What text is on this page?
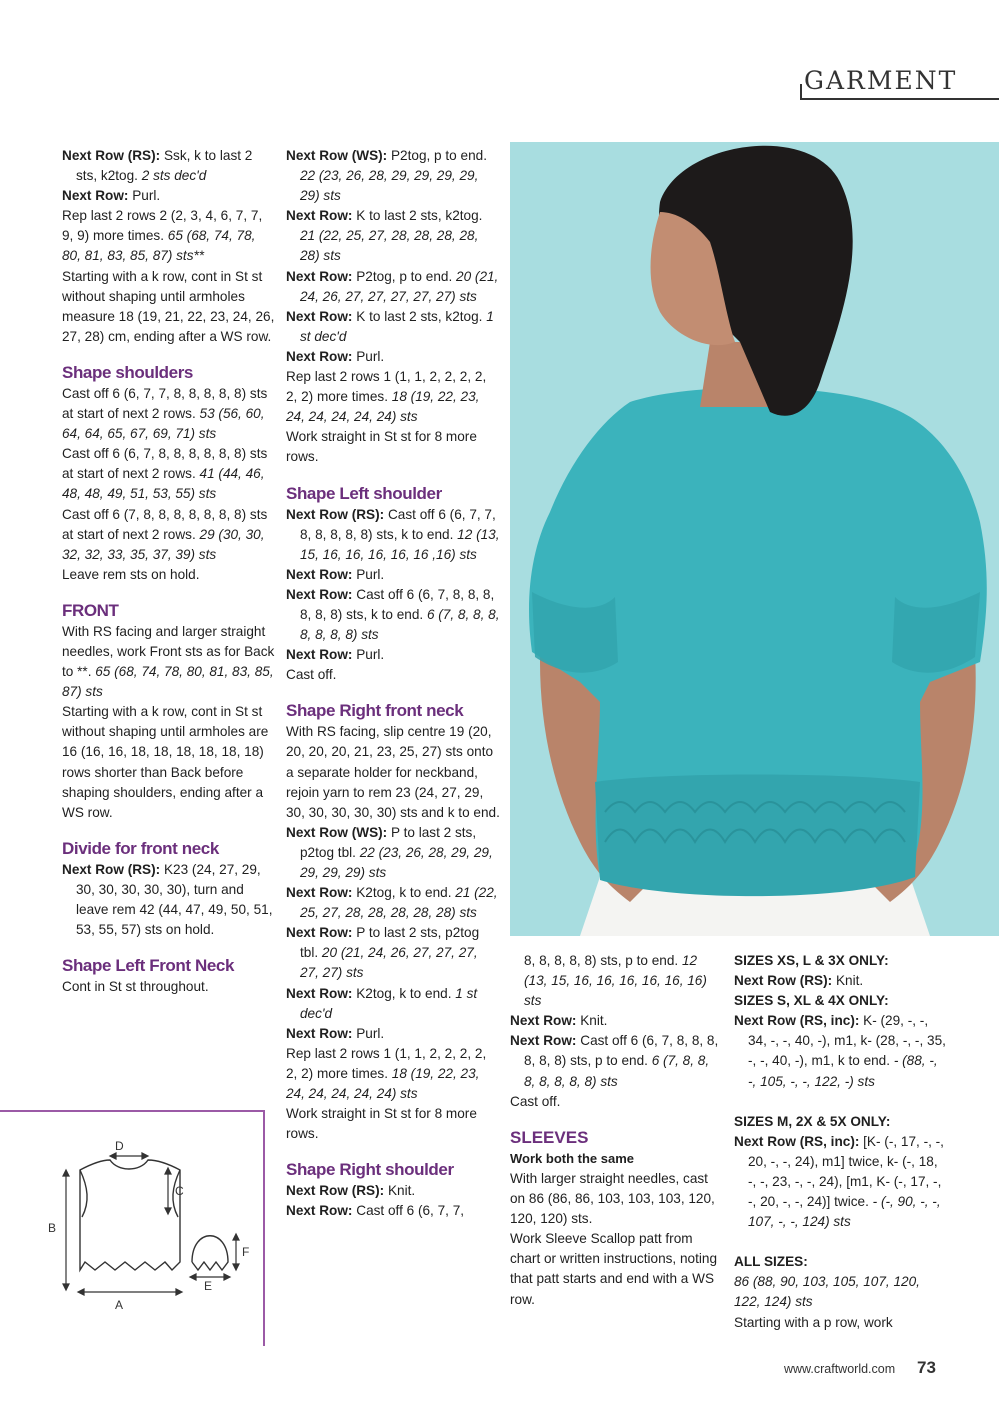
GARMENT

Next Row (RS): Ssk, k to last 2 sts, k2tog. 2 sts dec'd

Next Row: Purl.

Rep last 2 rows 2 (2, 3, 4, 6, 7, 7, 9, 9) more times. 65 (68, 74, 78, 80, 81, 83, 85, 87) sts**

Starting with a k row, cont in St st without shaping until armholes measure 18 (19, 21, 22, 23, 24, 26, 27, 28) cm, ending after a WS row.

Shape shoulders

Cast off 6 (6, 7, 7, 8, 8, 8, 8, 8) sts at start of next 2 rows. 53 (56, 60, 64, 64, 65, 67, 69, 71) sts

Cast off 6 (6, 7, 8, 8, 8, 8, 8, 8) sts at start of next 2 rows. 41 (44, 46, 48, 48, 49, 51, 53, 55) sts

Cast off 6 (7, 8, 8, 8, 8, 8, 8, 8) sts at start of next 2 rows. 29 (30, 30, 32, 32, 33, 35, 37, 39) sts

Leave rem sts on hold.

FRONT

With RS facing and larger straight needles, work Front sts as for Back to **. 65 (68, 74, 78, 80, 81, 83, 85, 87) sts

Starting with a k row, cont in St st without shaping until armholes are 16 (16, 16, 18, 18, 18, 18, 18, 18) rows shorter than Back before shaping shoulders, ending after a WS row.

Divide for front neck

Next Row (RS): K23 (24, 27, 29, 30, 30, 30, 30, 30), turn and leave rem 42 (44, 47, 49, 50, 51, 53, 55, 57) sts on hold.

Shape Left Front Neck

Cont in St st throughout.

Next Row (WS): P2tog, p to end. 22 (23, 26, 28, 29, 29, 29, 29, 29) sts

Next Row: K to last 2 sts, k2tog. 21 (22, 25, 27, 28, 28, 28, 28, 28) sts

Next Row: P2tog, p to end. 20 (21, 24, 26, 27, 27, 27, 27, 27) sts

Next Row: K to last 2 sts, k2tog. 1 st dec'd

Next Row: Purl.

Rep last 2 rows 1 (1, 1, 2, 2, 2, 2, 2, 2) more times. 18 (19, 22, 23, 24, 24, 24, 24, 24) sts

Work straight in St st for 8 more rows.

Shape Left shoulder

Next Row (RS): Cast off 6 (6, 7, 7, 8, 8, 8, 8, 8) sts, k to end. 12 (13, 15, 16, 16, 16, 16, 16 ,16) sts

Next Row: Purl.

Next Row: Cast off 6 (6, 7, 8, 8, 8, 8, 8, 8) sts, k to end. 6 (7, 8, 8, 8, 8, 8, 8, 8) sts

Next Row: Purl.

Cast off.

Shape Right front neck

With RS facing, slip centre 19 (20, 20, 20, 20, 21, 23, 25, 27) sts onto a separate holder for neckband, rejoin yarn to rem 23 (24, 27, 29, 30, 30, 30, 30, 30) sts and k to end.

Next Row (WS): P to last 2 sts, p2tog tbl. 22 (23, 26, 28, 29, 29, 29, 29, 29) sts

Next Row: K2tog, k to end. 21 (22, 25, 27, 28, 28, 28, 28, 28) sts

Next Row: P to last 2 sts, p2tog tbl. 20 (21, 24, 26, 27, 27, 27, 27, 27) sts

Next Row: K2tog, k to end. 1 st dec'd

Next Row: Purl.

Rep last 2 rows 1 (1, 1, 2, 2, 2, 2, 2, 2) more times. 18 (19, 22, 23, 24, 24, 24, 24, 24) sts

Work straight in St st for 8 more rows.

Shape Right shoulder

Next Row (RS): Knit.

Next Row: Cast off 6 (6, 7, 7,

8, 8, 8, 8, 8) sts, p to end. 12 (13, 15, 16, 16, 16, 16, 16, 16) sts

Next Row: Knit.

Next Row: Cast off 6 (6, 7, 8, 8, 8, 8, 8, 8) sts, p to end. 6 (7, 8, 8, 8, 8, 8, 8, 8) sts

Cast off.

SLEEVES

Work both the same

With larger straight needles, cast on 86 (86, 86, 103, 103, 103, 120, 120, 120) sts.

Work Sleeve Scallop patt from chart or written instructions, noting that patt starts and end with a WS row.

SIZES XS, L & 3X ONLY:

Next Row (RS): Knit.

SIZES S, XL & 4X ONLY:

Next Row (RS, inc): K- (29, -, -, 34, -, -, 40, -), m1, k- (28, -, -, 35, -, -, 40, -), m1, k to end. - (88, -, -, 105, -, -, 122, -) sts

SIZES M, 2X & 5X ONLY:

Next Row (RS, inc): [K- (-, 17, -, -, 20, -, -, 24), m1] twice, k- (-, 18, -, -, 23, -, -, 24), [m1, K- (-, 17, -, -, 20, -, -, 24)] twice. - (-, 90, -, -, 107, -, -, 124) sts

ALL SIZES:

86 (88, 90, 103, 105, 107, 120, 122, 124) sts

Starting with a p row, work

D
C
B
F
E
A
www.craftworld.com 73
